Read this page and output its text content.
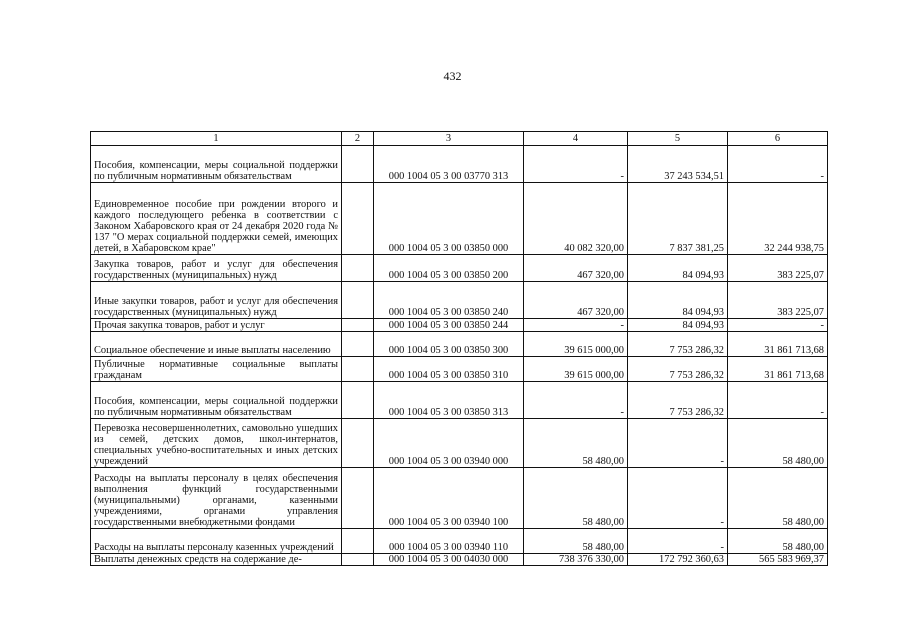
432
1	2	3	4	5	6
Пособия, компенсации, меры социальной поддержки по публичным нормативным обязательствам		000 1004 05 3 00 03770 313	-	37 243 534,51	-
Единовременное пособие при рождении второго и каждого последующего ребенка в соответствии с Законом Хабаровского края от 24 декабря 2020 года № 137 "О мерах социальной поддержки семей, имеющих детей, в Хабаровском крае"		000 1004 05 3 00 03850 000	40 082 320,00	7 837 381,25	32 244 938,75
Закупка товаров, работ и услуг для обеспечения государственных (муниципальных) нужд		000 1004 05 3 00 03850 200	467 320,00	84 094,93	383 225,07
Иные закупки товаров, работ и услуг для обеспечения государственных (муниципальных) нужд		000 1004 05 3 00 03850 240	467 320,00	84 094,93	383 225,07
Прочая закупка товаров, работ и услуг		000 1004 05 3 00 03850 244	-	84 094,93	-
Социальное обеспечение и иные выплаты населению		000 1004 05 3 00 03850 300	39 615 000,00	7 753 286,32	31 861 713,68
Публичные нормативные социальные выплаты гражданам		000 1004 05 3 00 03850 310	39 615 000,00	7 753 286,32	31 861 713,68
Пособия, компенсации, меры социальной поддержки по публичным нормативным обязательствам		000 1004 05 3 00 03850 313	-	7 753 286,32	-
Перевозка несовершеннолетних, самовольно ушедших из семей, детских домов, школ-интернатов, специальных учебно-воспитательных и иных детских учреждений		000 1004 05 3 00 03940 000	58 480,00	-	58 480,00
Расходы на выплаты персоналу в целях обеспечения выполнения функций государственными (муниципальными) органами, казенными учреждениями, органами управления государственными внебюджетными фондами		000 1004 05 3 00 03940 100	58 480,00	-	58 480,00
Расходы на выплаты персоналу казенных учреждений		000 1004 05 3 00 03940 110	58 480,00	-	58 480,00
Выплаты денежных средств на содержание де-		000 1004 05 3 00 04030 000	738 376 330,00	172 792 360,63	565 583 969,37
